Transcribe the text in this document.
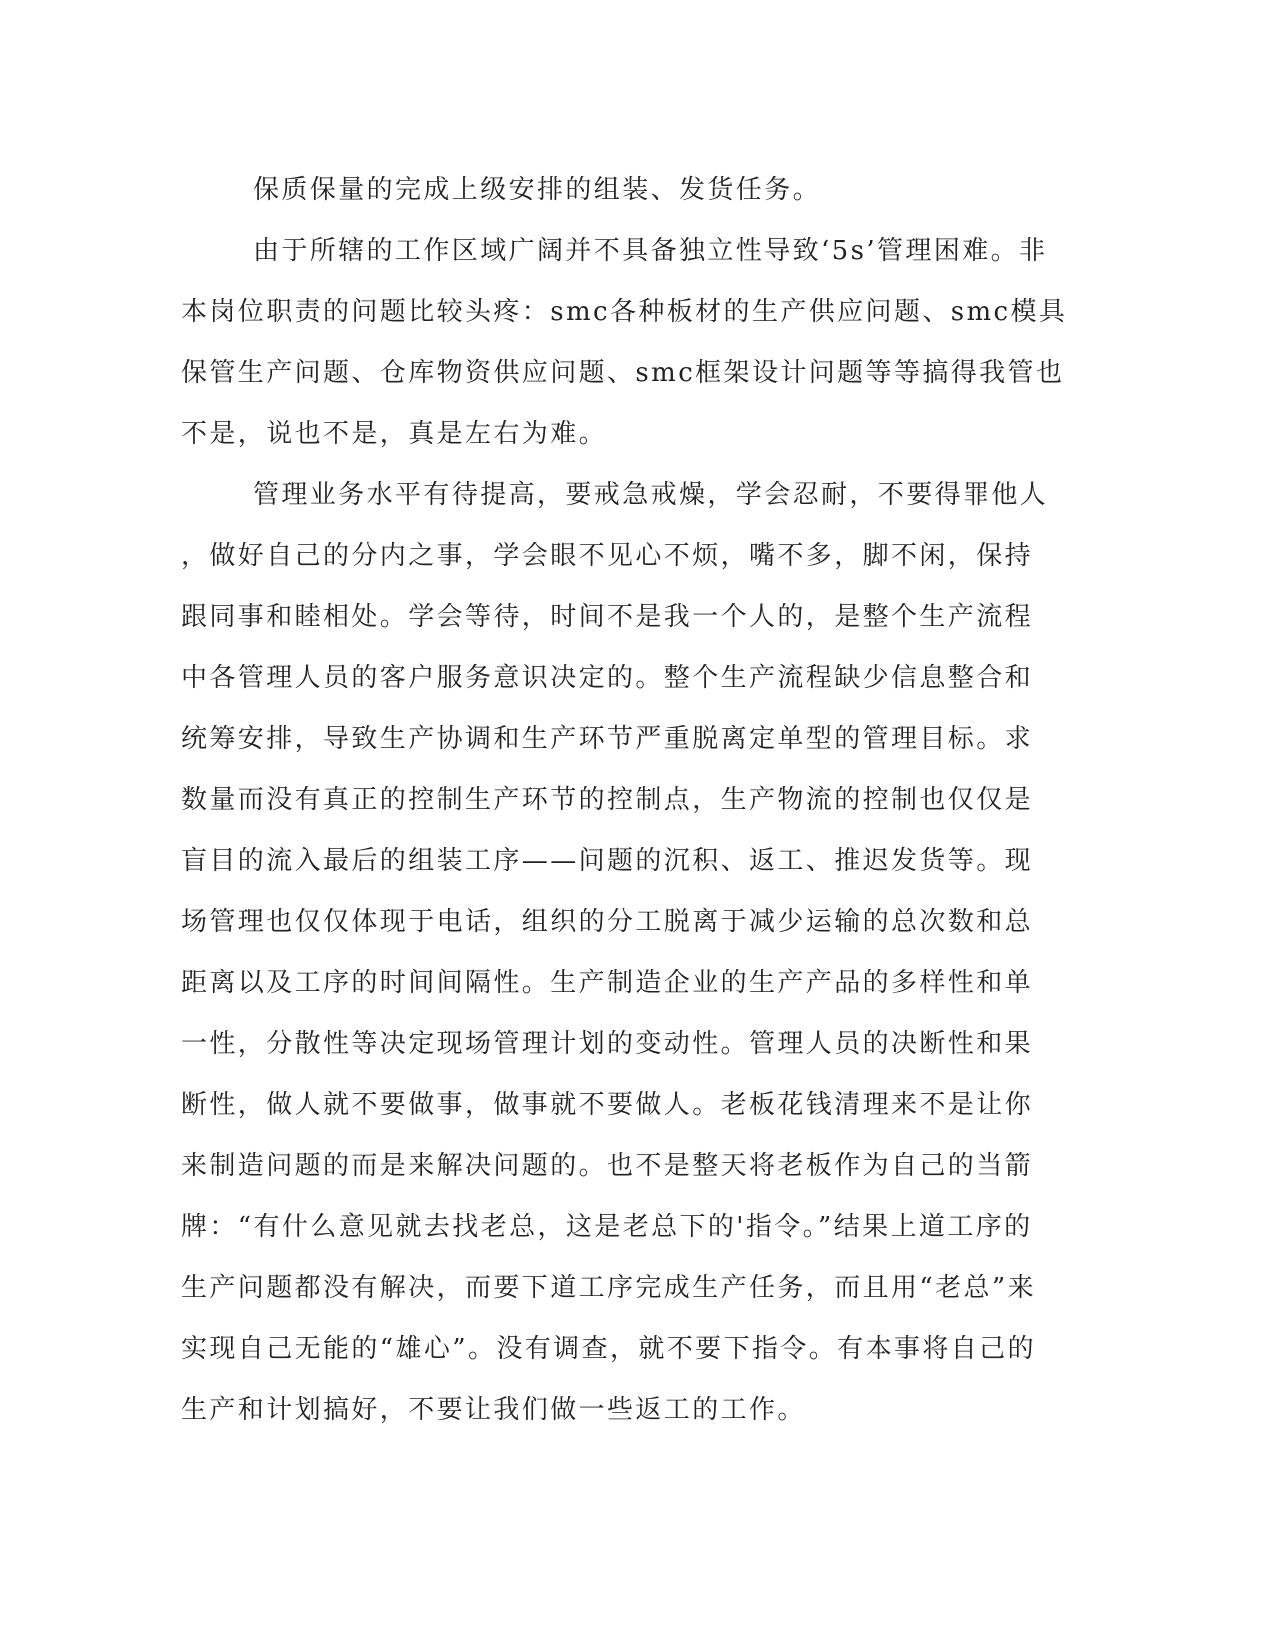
保质保量的完成上级安排的组装、发货任务。
由于所辖的工作区域广阔并不具备独立性导致‘5s’管理困难。非
本岗位职责的问题比较头疼：smc各种板材的生产供应问题、smc模具
保管生产问题、仓库物资供应问题、smc框架设计问题等等搞得我管也
不是，说也不是，真是左右为难。
管理业务水平有待提高，要戒急戒燥，学会忍耐，不要得罪他人
，做好自己的分内之事，学会眼不见心不烦，嘴不多，脚不闲，保持
跟同事和睦相处。学会等待，时间不是我一个人的，是整个生产流程
中各管理人员的客户服务意识决定的。整个生产流程缺少信息整合和
统筹安排，导致生产协调和生产环节严重脱离定单型的管理目标。求
数量而没有真正的控制生产环节的控制点，生产物流的控制也仅仅是
盲目的流入最后的组装工序——问题的沉积、返工、推迟发货等。现
场管理也仅仅体现于电话，组织的分工脱离于减少运输的总次数和总
距离以及工序的时间间隔性。生产制造企业的生产产品的多样性和单
一性，分散性等决定现场管理计划的变动性。管理人员的决断性和果
断性，做人就不要做事，做事就不要做人。老板花钱清理来不是让你
来制造问题的而是来解决问题的。也不是整天将老板作为自己的当箭
牌：“有什么意见就去找老总，这是老总下的'指令。”结果上道工序的
生产问题都没有解决，而要下道工序完成生产任务，而且用“老总”来
实现自己无能的“雄心”。没有调查，就不要下指令。有本事将自己的
生产和计划搞好，不要让我们做一些返工的工作。
